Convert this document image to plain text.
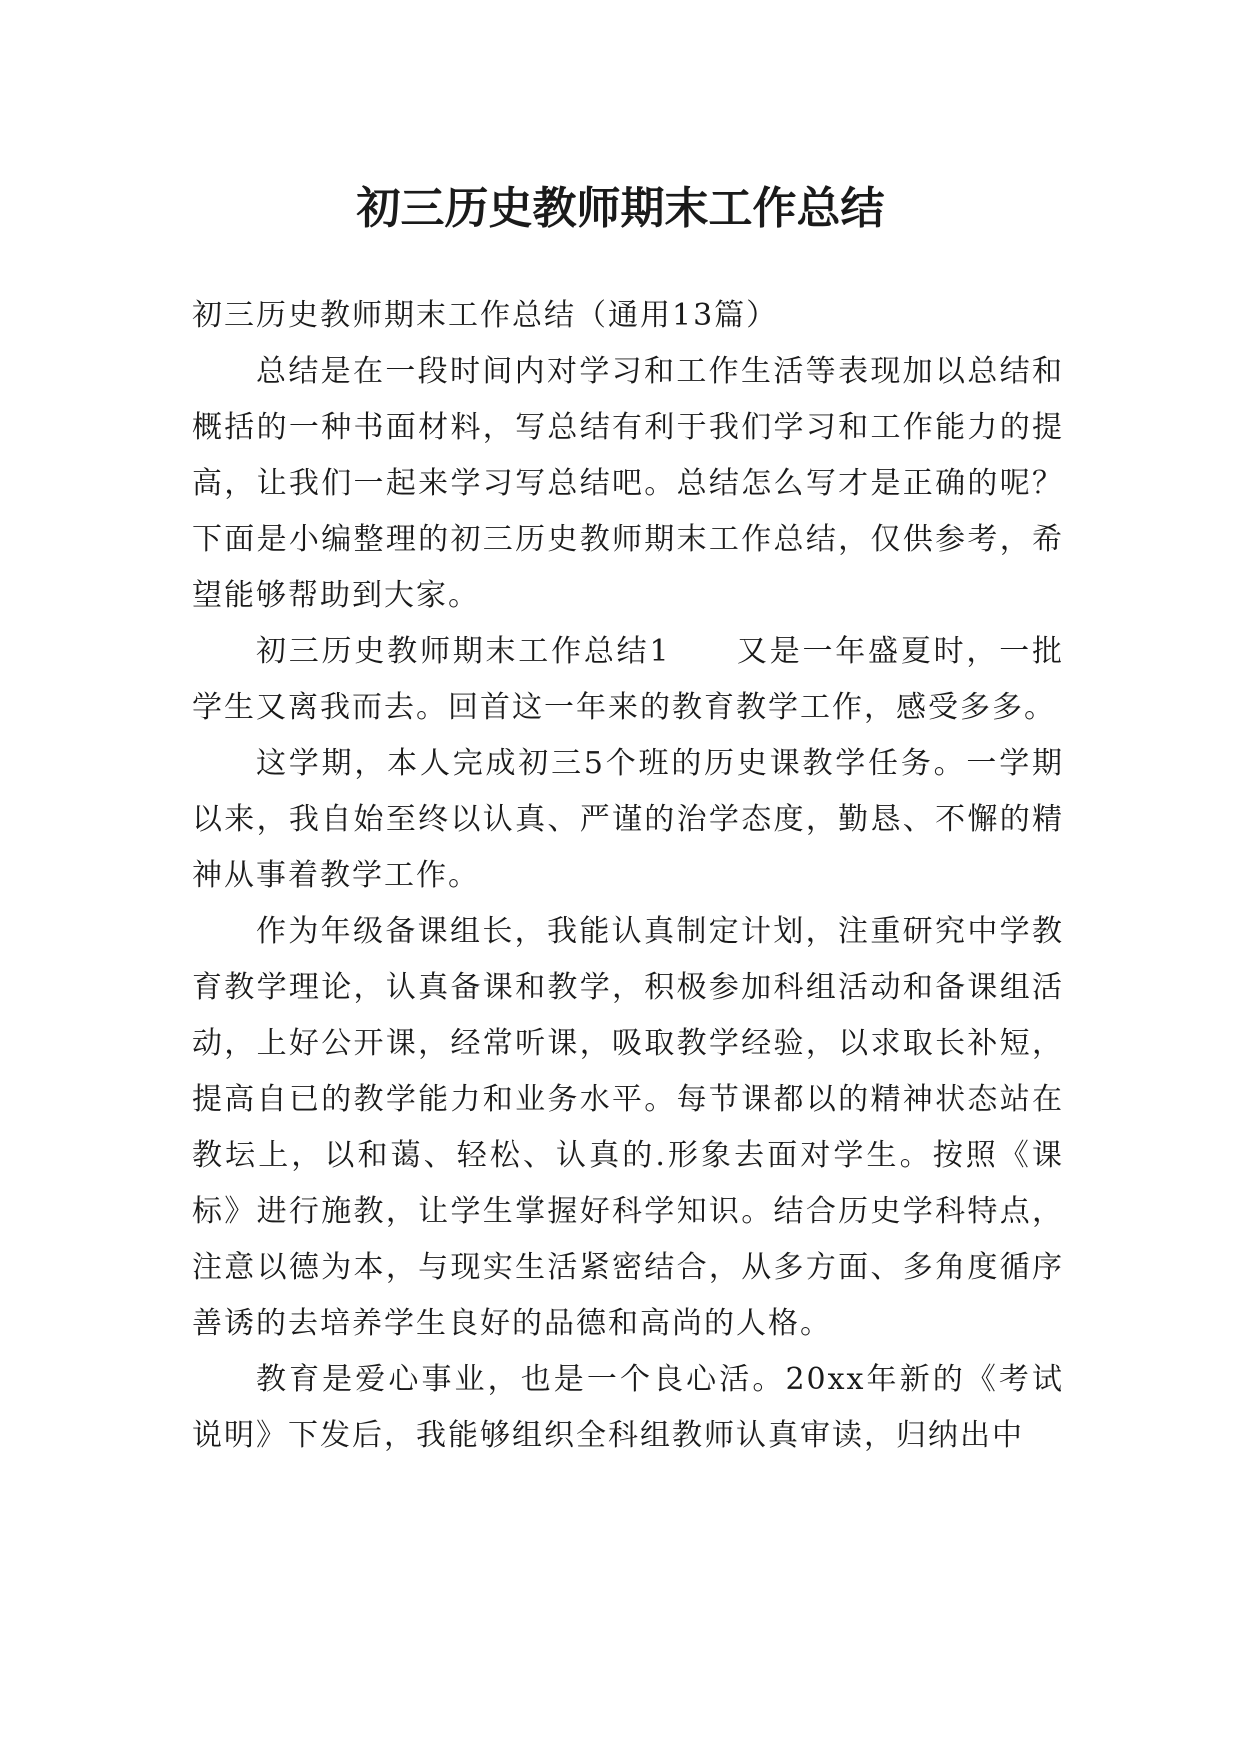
初三历史教师期末工作总结

初三历史教师期末工作总结（通用13篇）

总结是在一段时间内对学习和工作生活等表现加以总结和概括的一种书面材料，写总结有利于我们学习和工作能力的提高，让我们一起来学习写总结吧。总结怎么写才是正确的呢？下面是小编整理的初三历史教师期末工作总结，仅供参考，希望能够帮助到大家。

初三历史教师期末工作总结1　　又是一年盛夏时，一批学生又离我而去。回首这一年来的教育教学工作，感受多多。

这学期，本人完成初三5个班的历史课教学任务。一学期以来，我自始至终以认真、严谨的治学态度，勤恳、不懈的精神从事着教学工作。

作为年级备课组长，我能认真制定计划，注重研究中学教育教学理论，认真备课和教学，积极参加科组活动和备课组活动，上好公开课，经常听课，吸取教学经验，以求取长补短，提高自已的教学能力和业务水平。每节课都以的精神状态站在教坛上，以和蔼、轻松、认真的.形象去面对学生。按照《课标》进行施教，让学生掌握好科学知识。结合历史学科特点，注意以德为本，与现实生活紧密结合，从多方面、多角度循序善诱的去培养学生良好的品德和高尚的人格。

教育是爱心事业，也是一个良心活。20xx年新的《考试说明》下发后，我能够组织全科组教师认真审读，归纳出中
